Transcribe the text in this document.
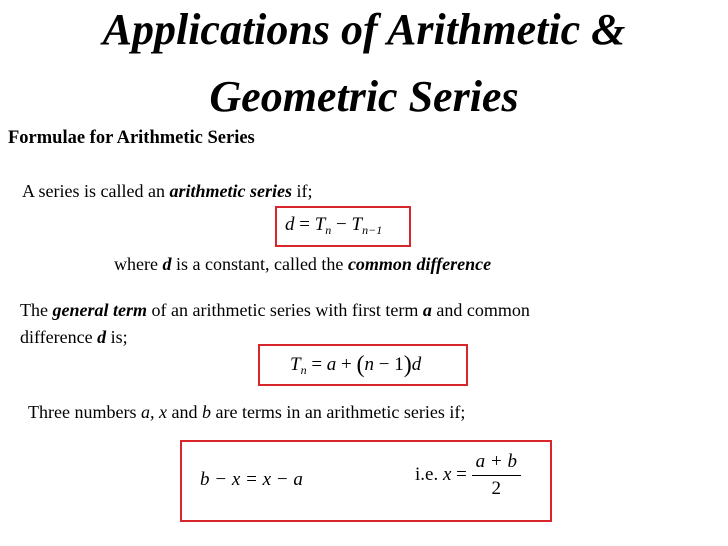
Applications of Arithmetic &
Geometric Series
Formulae for Arithmetic Series
A series is called an arithmetic series if;
$d = T_n - T_{n-1}$
where d is a constant, called the common difference
The general term of an arithmetic series with first term a and common
difference d is;
$T_n = a + (n - 1)d$
Three numbers a, x and b are terms in an arithmetic series if;
b − x = x − a	i.e. $x = \frac{a + b}{2}$
